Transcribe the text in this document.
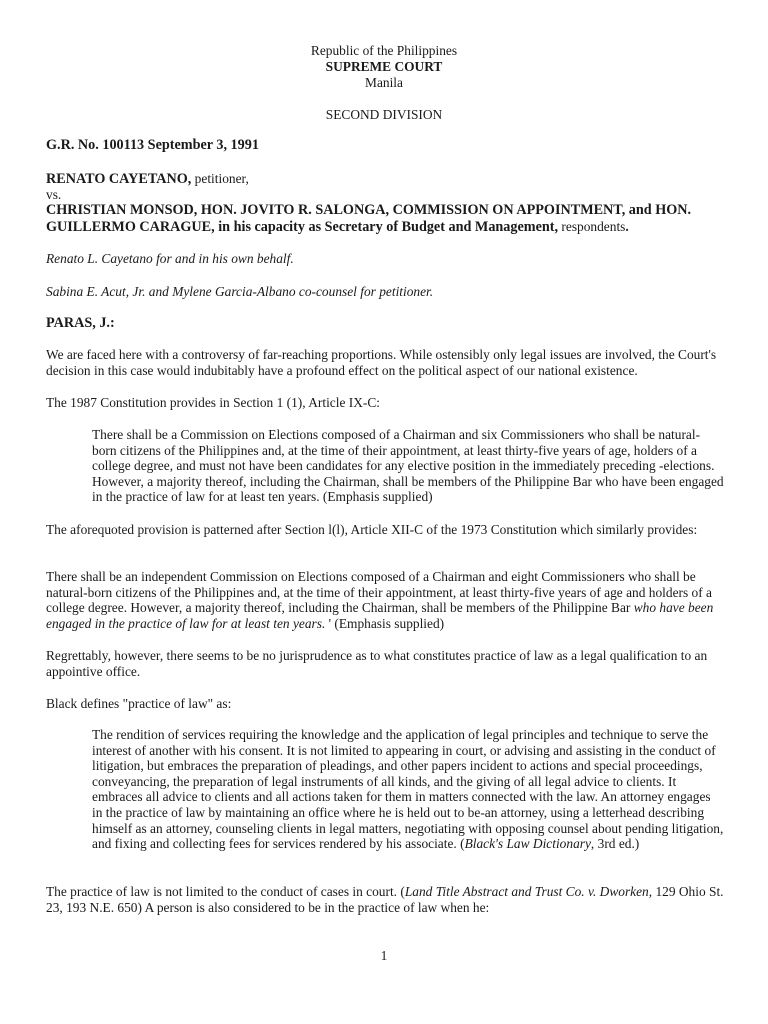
Republic of the Philippines
SUPREME COURT
Manila
SECOND DIVISION
G.R. No. 100113 September 3, 1991
RENATO CAYETANO, petitioner,
vs.
CHRISTIAN MONSOD, HON. JOVITO R. SALONGA, COMMISSION ON APPOINTMENT, and HON.
GUILLERMO CARAGUE, in his capacity as Secretary of Budget and Management, respondents.
Renato L. Cayetano for and in his own behalf.
Sabina E. Acut, Jr. and Mylene Garcia-Albano co-counsel for petitioner.
PARAS, J.:

We are faced here with a controversy of far-reaching proportions. While ostensibly only legal issues are involved, the Court's decision in this case would indubitably have a profound effect on the political aspect of our national existence.

The 1987 Constitution provides in Section 1 (1), Article IX-C:

There shall be a Commission on Elections composed of a Chairman and six Commissioners who shall be natural-born citizens of the Philippines and, at the time of their appointment, at least thirty-five years of age, holders of a college degree, and must not have been candidates for any elective position in the immediately preceding -elections. However, a majority thereof, including the Chairman, shall be members of the Philippine Bar who have been engaged in the practice of law for at least ten years. (Emphasis supplied)

The aforequoted provision is patterned after Section l(l), Article XII-C of the 1973 Constitution which similarly provides:

There shall be an independent Commission on Elections composed of a Chairman and eight Commissioners who shall be natural-born citizens of the Philippines and, at the time of their appointment, at least thirty-five years of age and holders of a college degree. However, a majority thereof, including the Chairman, shall be members of the Philippine Bar who have been engaged in the practice of law for at least ten years. ' (Emphasis supplied)

Regrettably, however, there seems to be no jurisprudence as to what constitutes practice of law as a legal qualification to an appointive office.

Black defines "practice of law" as:

The rendition of services requiring the knowledge and the application of legal principles and technique to serve the interest of another with his consent. It is not limited to appearing in court, or advising and assisting in the conduct of litigation, but embraces the preparation of pleadings, and other papers incident to actions and special proceedings, conveyancing, the preparation of legal instruments of all kinds, and the giving of all legal advice to clients. It embraces all advice to clients and all actions taken for them in matters connected with the law. An attorney engages in the practice of law by maintaining an office where he is held out to be-an attorney, using a letterhead describing himself as an attorney, counseling clients in legal matters, negotiating with opposing counsel about pending litigation, and fixing and collecting fees for services rendered by his associate. (Black's Law Dictionary, 3rd ed.)

The practice of law is not limited to the conduct of cases in court. (Land Title Abstract and Trust Co. v. Dworken, 129 Ohio St. 23, 193 N.E. 650) A person is also considered to be in the practice of law when he:

1
